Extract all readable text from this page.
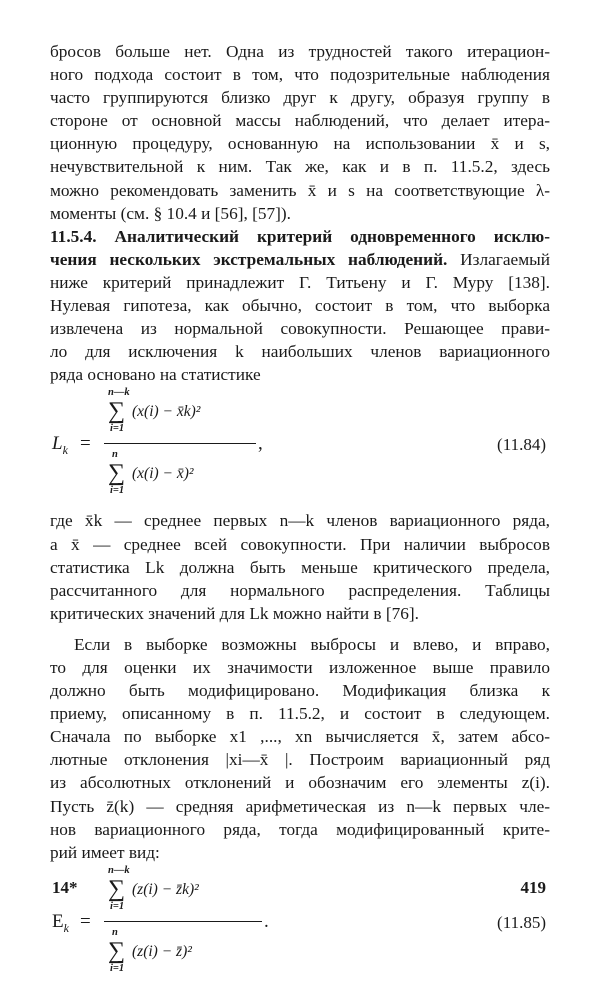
бросов больше нет. Одна из трудностей такого итерацион-

ного подхода состоит в том, что подозрительные наблюдения

часто группируются близко друг к другу, образуя группу в

стороне от основной массы наблюдений, что делает итера-

ционную процедуру, основанную на использовании x̄ и s,

нечувствительной к ним. Так же, как и в п. 11.5.2, здесь

можно рекомендовать заменить x̄ и s на соответствующие λ-

моменты (см. § 10.4 и [56], [57]).

11.5.4. Аналитический критерий одновременного исклю-

чения нескольких экстремальных наблюдений. Излагаемый

ниже критерий принадлежит Г. Титьену и Г. Муру [138].

Нулевая гипотеза, как обычно, состоит в том, что выборка

извлечена из нормальной совокупности. Решающее прави-

ло для исключения k наибольших членов вариационного

ряда основано на статистике

$L_k$ =
n—k
∑ (x(i) − x̄k)²
i=1
,
n
∑ (x(i) − x̄)²
i=1
(11.84)

где x̄k — среднее первых n—k членов вариационного ряда,

а x̄ — среднее всей совокупности. При наличии выбросов

статистика Lk должна быть меньше критического предела,

рассчитанного для нормального распределения. Таблицы

критических значений для Lk можно найти в [76].

Если в выборке возможны выбросы и влево, и вправо,

то для оценки их значимости изложенное выше правило

должно быть модифицировано. Модификация близка к

приему, описанному в п. 11.5.2, и состоит в следующем.

Сначала по выборке x1 ,..., xn вычисляется x̄, затем абсо-

лютные отклонения |xi—x̄ |. Построим вариационный ряд

из абсолютных отклонений и обозначим его элементы z(i).

Пусть z̄(k) — средняя арифметическая из n—k первых чле-

нов вариационного ряда, тогда модифицированный крите-

рий имеет вид:

$E_k$ =
n—k
∑ (z(i) − z̄k)²
i=1
.
n
∑ (z(i) − z̄)²
i=1
(11.85)
14*	419
